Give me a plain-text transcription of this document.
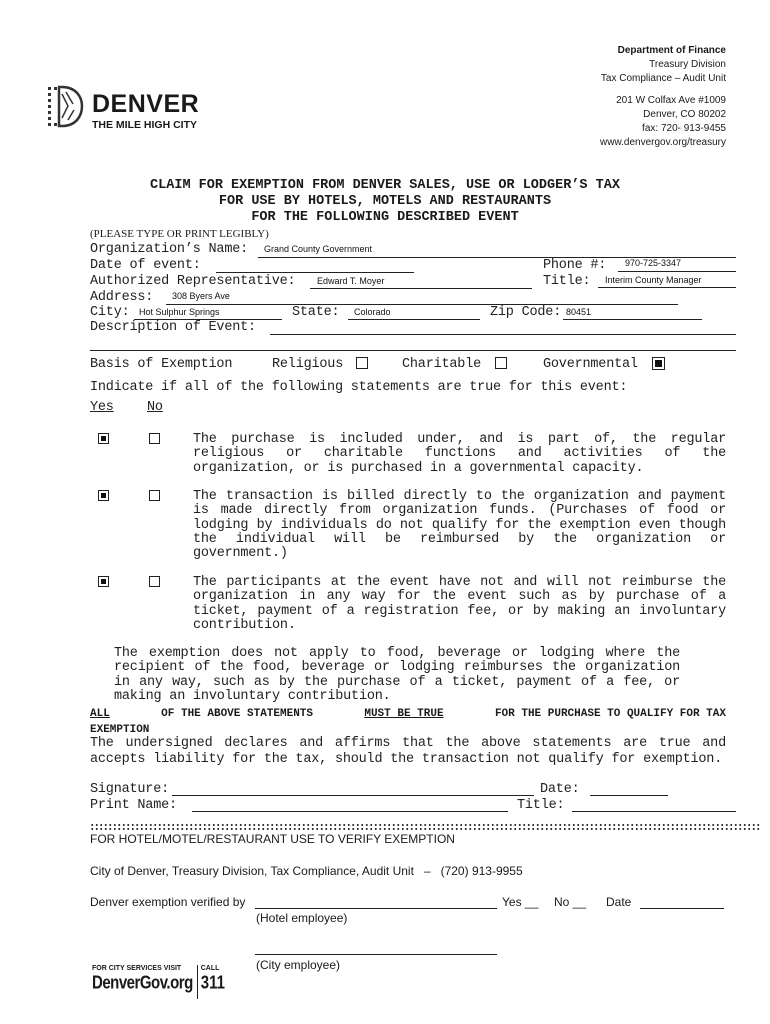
DENVER
THE MILE HIGH CITY
Department of Finance
Treasury Division
Tax Compliance – Audit Unit
201 W Colfax Ave #1009
Denver, CO 80202
fax: 720- 913-9455
www.denvergov.org/treasury
CLAIM FOR EXEMPTION FROM DENVER SALES, USE OR LODGER’S TAX
FOR USE BY HOTELS, MOTELS AND RESTAURANTS
FOR THE FOLLOWING DESCRIBED EVENT
(PLEASE TYPE OR PRINT LEGIBLY)
Organization’s Name: Grand County Government
Date of event:	Phone #: 970-725-3347
Authorized Representative: Edward T. Moyer	Title: Interim County Manager
Address: 308 Byers Ave
City: Hot Sulphur Springs	State: Colorado	Zip Code: 80451
Description of Event:
Basis of Exemption	Religious	Charitable	Governmental
Indicate if all of the following statements are true for this event:
Yes No
The purchase is included under, and is part of, the regular religious or charitable functions and activities of the organization, or is purchased in a governmental capacity.
The transaction is billed directly to the organization and payment is made directly from organization funds. (Purchases of food or lodging by individuals do not qualify for the exemption even though the individual will be reimbursed by the organization or government.)
The participants at the event have not and will not reimburse the organization in any way for the event such as by purchase of a ticket, payment of a registration fee, or by making an involuntary contribution.
The exemption does not apply to food, beverage or lodging where the recipient of the food, beverage or lodging reimburses the organization in any way, such as by the purchase of a ticket, payment of a fee, or making an involuntary contribution.
ALL	OF THE ABOVE STATEMENTS	MUST BE TRUE	FOR THE PURCHASE TO QUALIFY FOR TAX
EXEMPTION
The undersigned declares and affirms that the above statements are true and accepts liability for the tax, should the transaction not qualify for exemption.
Signature:	Date:
Print Name:	Title:
FOR HOTEL/MOTEL/RESTAURANT USE TO VERIFY EXEMPTION
City of Denver, Treasury Division, Tax Compliance, Audit Unit   –   (720) 913-9955
Denver exemption verified by	Yes __ No __ Date
(Hotel employee)
(City employee)
FOR CITY SERVICES VISIT
DenverGov.org
CALL
311
